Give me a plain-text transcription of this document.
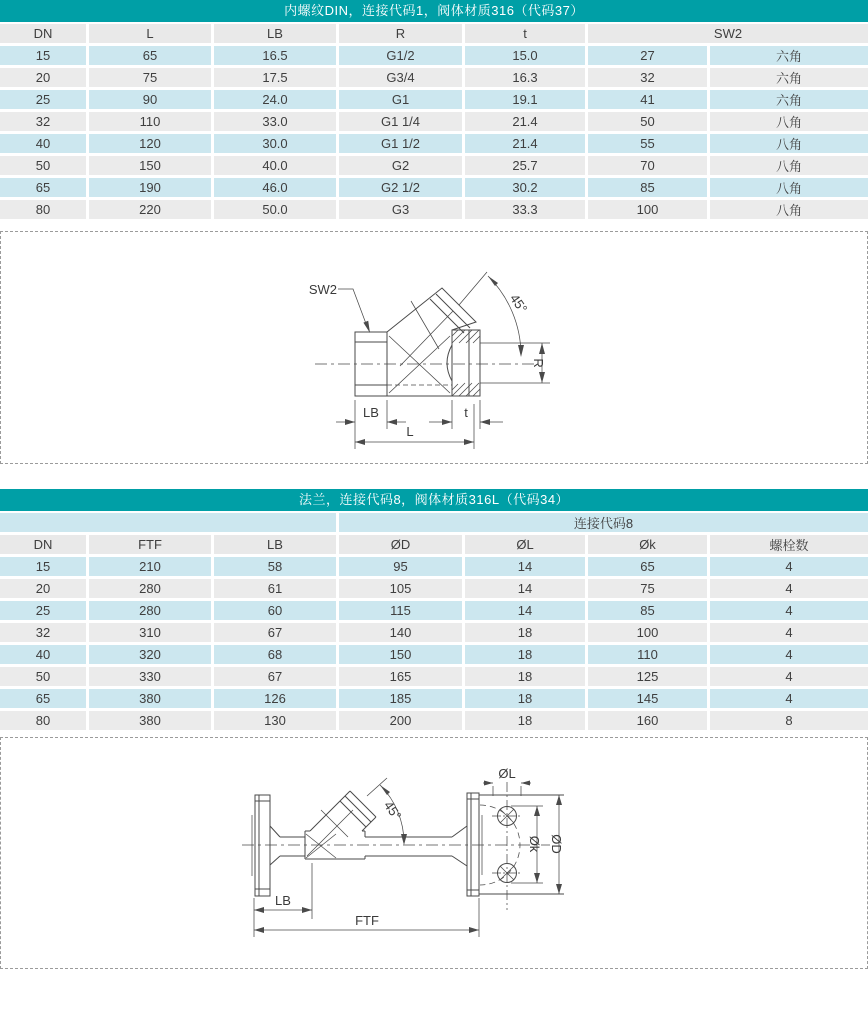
内螺纹DIN，连接代码1，阀体材质316（代码37）
DN	L	LB	R	t	SW2	
15	65	16.5	G1/2	15.0	27	六角
20	75	17.5	G3/4	16.3	32	六角
25	90	24.0	G1	19.1	41	六角
32	110	33.0	G1 1/4	21.4	50	八角
40	120	30.0	G1 1/2	21.4	55	八角
50	150	40.0	G2	25.7	70	八角
65	190	46.0	G2 1/2	30.2	85	八角
80	220	50.0	G3	33.3	100	八角
SW2
45°
R
LB	t
L
法兰，连接代码8，阀体材质316L（代码34）
			连接代码8			
DN	FTF	LB	ØD	ØL	Øk	螺栓数
15	210	58	95	14	65	4
20	280	61	105	14	75	4
25	280	60	115	14	85	4
32	310	67	140	18	100	4
40	320	68	150	18	110	4
50	330	67	165	18	125	4
65	380	126	185	18	145	4
80	380	130	200	18	160	8
ØL
45°
Øk ØD
LB
FTF
